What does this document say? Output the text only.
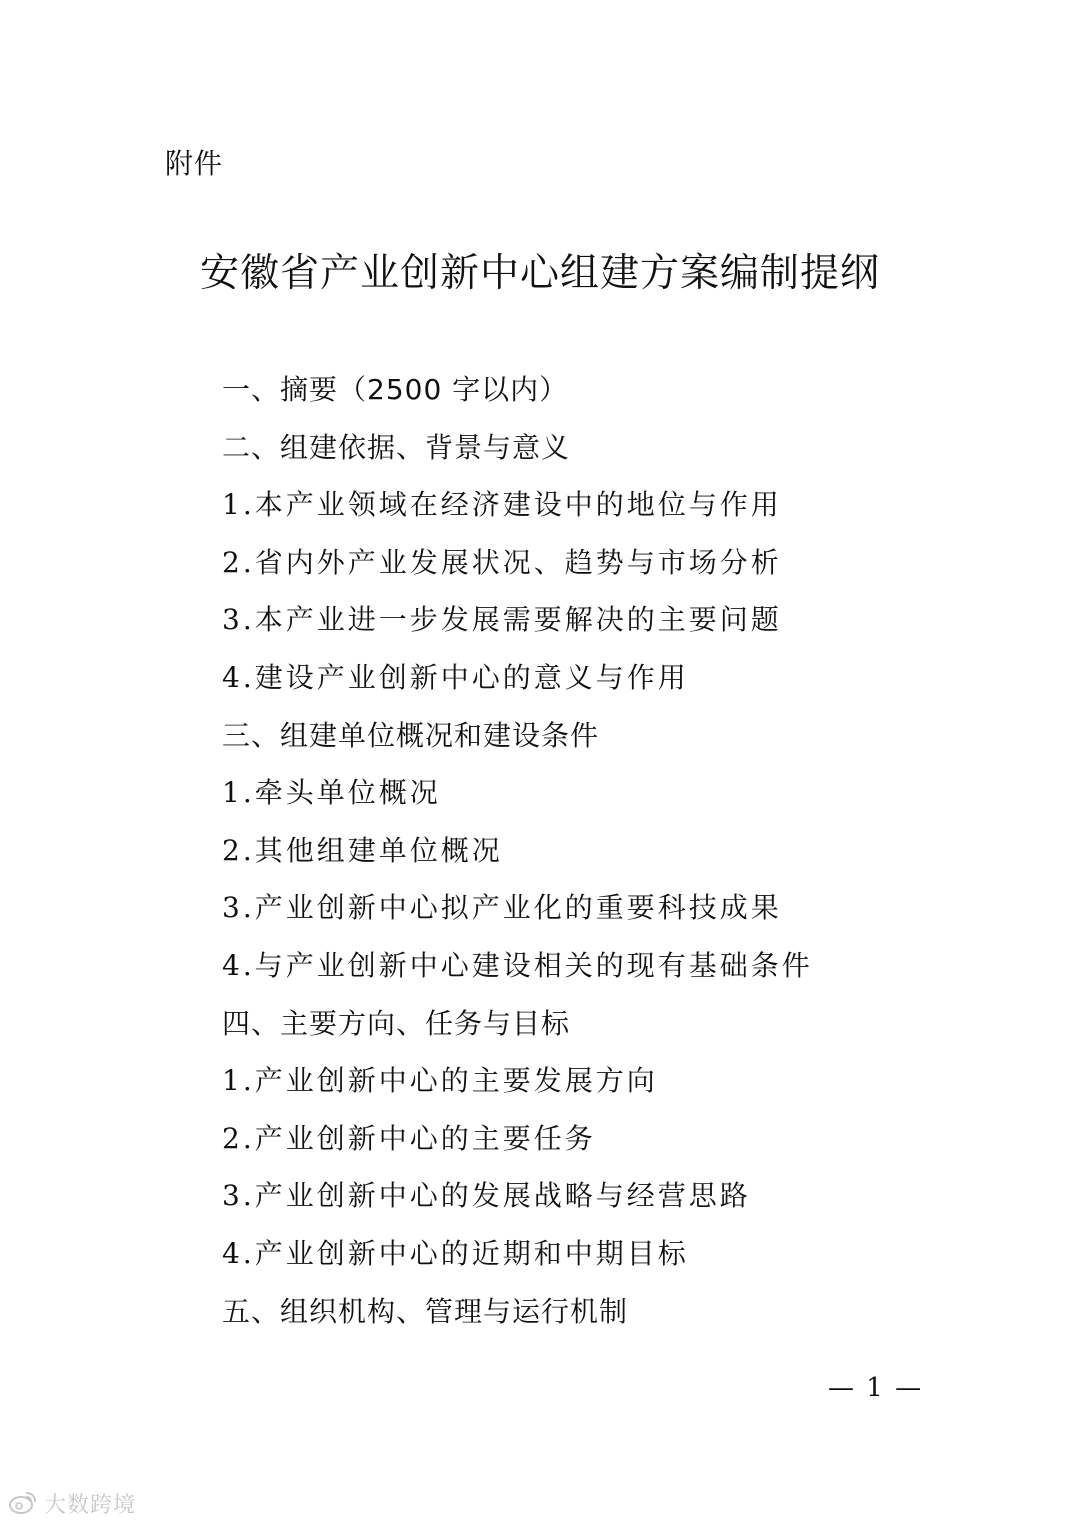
附件
安徽省产业创新中心组建方案编制提纲
一、摘要（2500 字以内）
二、组建依据、背景与意义
1.本产业领域在经济建设中的地位与作用
2.省内外产业发展状况、趋势与市场分析
3.本产业进一步发展需要解决的主要问题
4.建设产业创新中心的意义与作用
三、组建单位概况和建设条件
1.牵头单位概况
2.其他组建单位概况
3.产业创新中心拟产业化的重要科技成果
4.与产业创新中心建设相关的现有基础条件
四、主要方向、任务与目标
1.产业创新中心的主要发展方向
2.产业创新中心的主要任务
3.产业创新中心的发展战略与经营思路
4.产业创新中心的近期和中期目标
五、组织机构、管理与运行机制
— 1 —
大数跨境
